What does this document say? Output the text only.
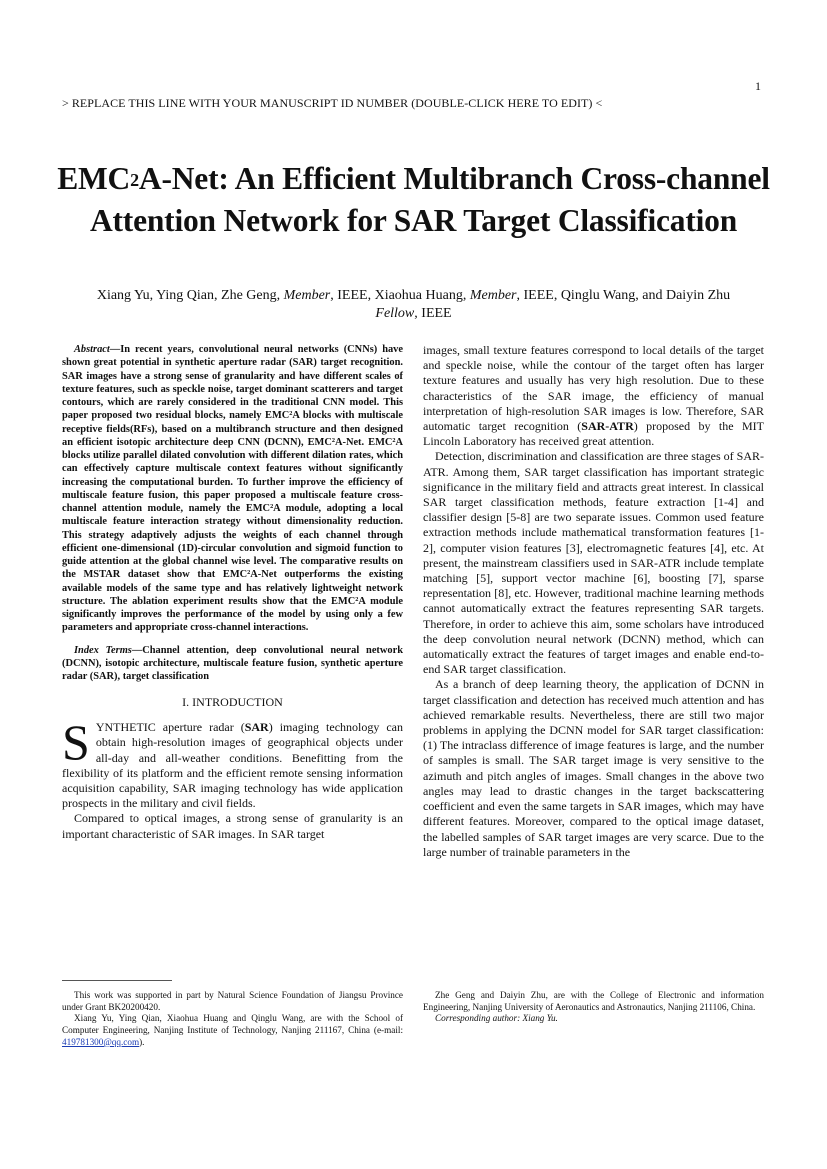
1
> REPLACE THIS LINE WITH YOUR MANUSCRIPT ID NUMBER (DOUBLE-CLICK HERE TO EDIT) <
$EMC^2A$-Net: An Efficient Multibranch Cross-channel Attention Network for SAR Target Classification
Xiang Yu, Ying Qian, Zhe Geng, Member, IEEE, Xiaohua Huang, Member, IEEE, Qinglu Wang, and Daiyin Zhu
Fellow, IEEE

Abstract—In recent years, convolutional neural networks (CNNs) have shown great potential in synthetic aperture radar (SAR) target recognition. SAR images have a strong sense of granularity and have different scales of texture features, such as speckle noise, target dominant scatterers and target contours, which are rarely considered in the traditional CNN model. This paper proposed two residual blocks, namely EMC²A blocks with multiscale receptive fields(RFs), based on a multibranch structure and then designed an efficient isotopic architecture deep CNN (DCNN), EMC²A-Net. EMC²A blocks utilize parallel dilated convolution with different dilation rates, which can effectively capture multiscale context features without significantly increasing the computational burden. To further improve the efficiency of multiscale feature fusion, this paper proposed a multiscale feature cross-channel attention module, namely the EMC²A module, adopting a local multiscale feature interaction strategy without dimensionality reduction. This strategy adaptively adjusts the weights of each channel through efficient one-dimensional (1D)-circular convolution and sigmoid function to guide attention at the global channel wise level. The comparative results on the MSTAR dataset show that EMC²A-Net outperforms the existing available models of the same type and has relatively lightweight network structure. The ablation experiment results show that the EMC²A module significantly improves the performance of the model by using only a few parameters and appropriate cross-channel interactions.

Index Terms—Channel attention, deep convolutional neural network (DCNN), isotopic architecture, multiscale feature fusion, synthetic aperture radar (SAR), target classification

I. INTRODUCTION

SYNTHETIC aperture radar (SAR) imaging technology can obtain high-resolution images of geographical objects under all-day and all-weather conditions. Benefitting from the flexibility of its platform and the efficient remote sensing information acquisition capability, SAR imaging technology has wide application prospects in the military and civil fields.

Compared to optical images, a strong sense of granularity is an important characteristic of SAR images. In SAR target

images, small texture features correspond to local details of the target and speckle noise, while the contour of the target often has larger texture features and usually has very high resolution. Due to these characteristics of the SAR image, the efficiency of manual interpretation of high-resolution SAR images is low. Therefore, SAR automatic target recognition (SAR-ATR) proposed by the MIT Lincoln Laboratory has received great attention.

Detection, discrimination and classification are three stages of SAR-ATR. Among them, SAR target classification has important strategic significance in the military field and attracts great interest. In classical SAR target classification methods, feature extraction [1-4] and classifier design [5-8] are two separate issues. Common used feature extraction methods include mathematical transformation features [1-2], computer vision features [3], electromagnetic features [4], etc. At present, the mainstream classifiers used in SAR-ATR include template matching [5], support vector machine [6], boosting [7], sparse representation [8], etc. However, traditional machine learning methods cannot automatically extract the features representing SAR targets. Therefore, in order to achieve this aim, some scholars have introduced the deep convolution neural network (DCNN) method, which can automatically extract the features of target images and enable end-to-end SAR target classification.

As a branch of deep learning theory, the application of DCNN in target classification and detection has received much attention and has achieved remarkable results. Nevertheless, there are still two major problems in applying the DCNN model for SAR target classification: (1) The intraclass difference of image features is large, and the number of samples is small. The SAR target image is very sensitive to the azimuth and pitch angles of images. Small changes in the above two angles may lead to drastic changes in the target backscattering coefficient and even the same targets in SAR images, which may have different features. Moreover, compared to the optical image dataset, the labelled samples of SAR target images are very scarce. Due to the large number of trainable parameters in the

This work was supported in part by Natural Science Foundation of Jiangsu Province under Grant BK20200420.

Xiang Yu, Ying Qian, Xiaohua Huang and Qinglu Wang, are with the School of Computer Engineering, Nanjing Institute of Technology, Nanjing 211167, China (e-mail: 419781300@qq.com).

Zhe Geng and Daiyin Zhu, are with the College of Electronic and information Engineering, Nanjing University of Aeronautics and Astronautics, Nanjing 211106, China.

Corresponding author: Xiang Yu.
